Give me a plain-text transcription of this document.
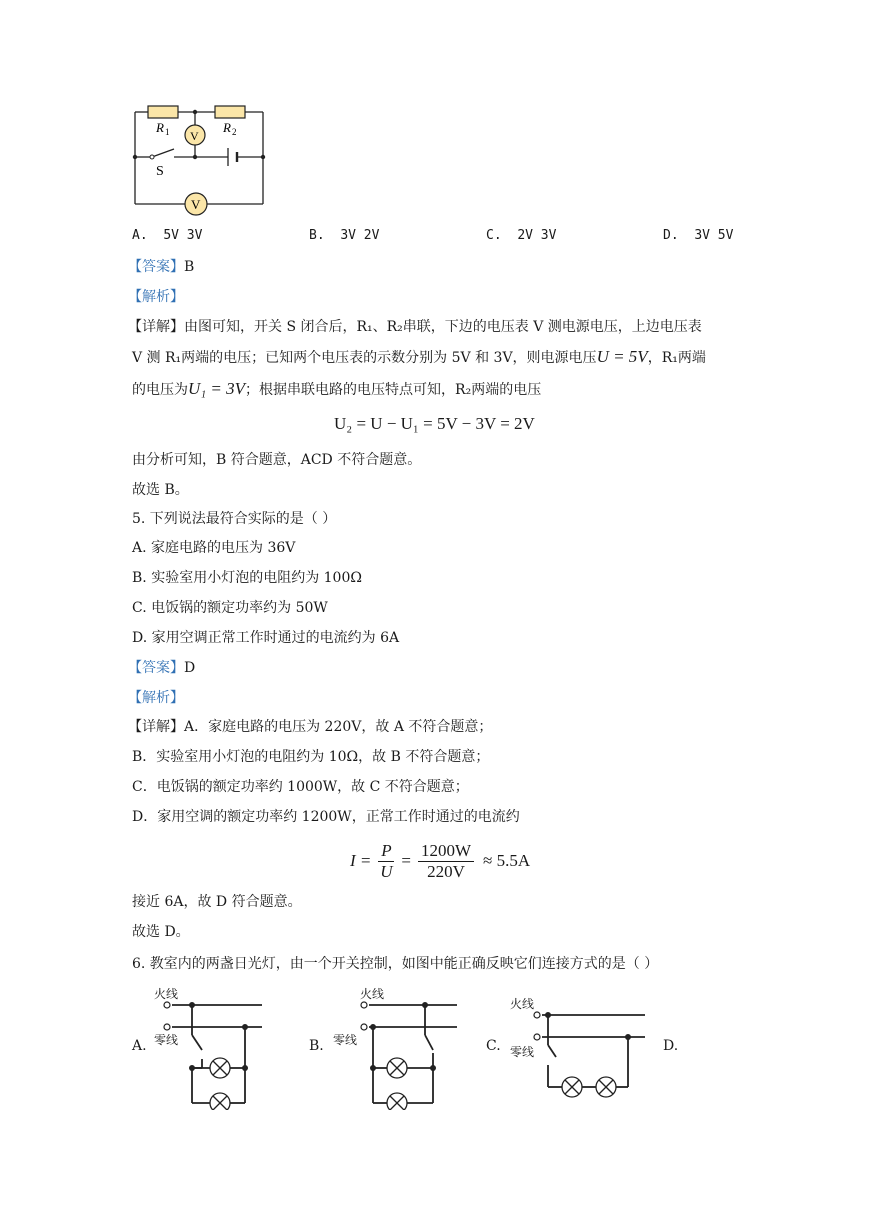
R 1	R 2
S
V
V
A. 5V 3V	B. 3V 2V	C. 2V 3V	D. 3V 5V
【答案】B
【解析】
【详解】由图可知，开关 S 闭合后，R₁、R₂串联，下边的电压表 V 测电源电压，上边电压表
V 测 R₁两端的电压；已知两个电压表的示数分别为 5V 和 3V，则电源电压U = 5V，R₁两端
的电压为U₁ = 3V；根据串联电路的电压特点可知，R₂两端的电压
U₂ = U − U₁ = 5V − 3V = 2V
由分析可知，B 符合题意，ACD 不符合题意。
故选 B。
5. 下列说法最符合实际的是（ ）
A. 家庭电路的电压为 36V
B. 实验室用小灯泡的电阻约为 100Ω
C. 电饭锅的额定功率约为 50W
D. 家用空调正常工作时通过的电流约为 6A
【答案】D
【解析】
【详解】A．家庭电路的电压为 220V，故 A 不符合题意；
B．实验室用小灯泡的电阻约为 10Ω，故 B 不符合题意；
C．电饭锅的额定功率约 1000W，故 C 不符合题意；
D．家用空调的额定功率约 1200W，正常工作时通过的电流约
I =
P
U
=
1200W
220V
≈ 5.5A
接近 6A，故 D 符合题意。
故选 D。
6. 教室内的两盏日光灯，由一个开关控制，如图中能正确反映它们连接方式的是（ ）
A.
火线
零线	B.
火线
零线	C.
火线
零线	D.
